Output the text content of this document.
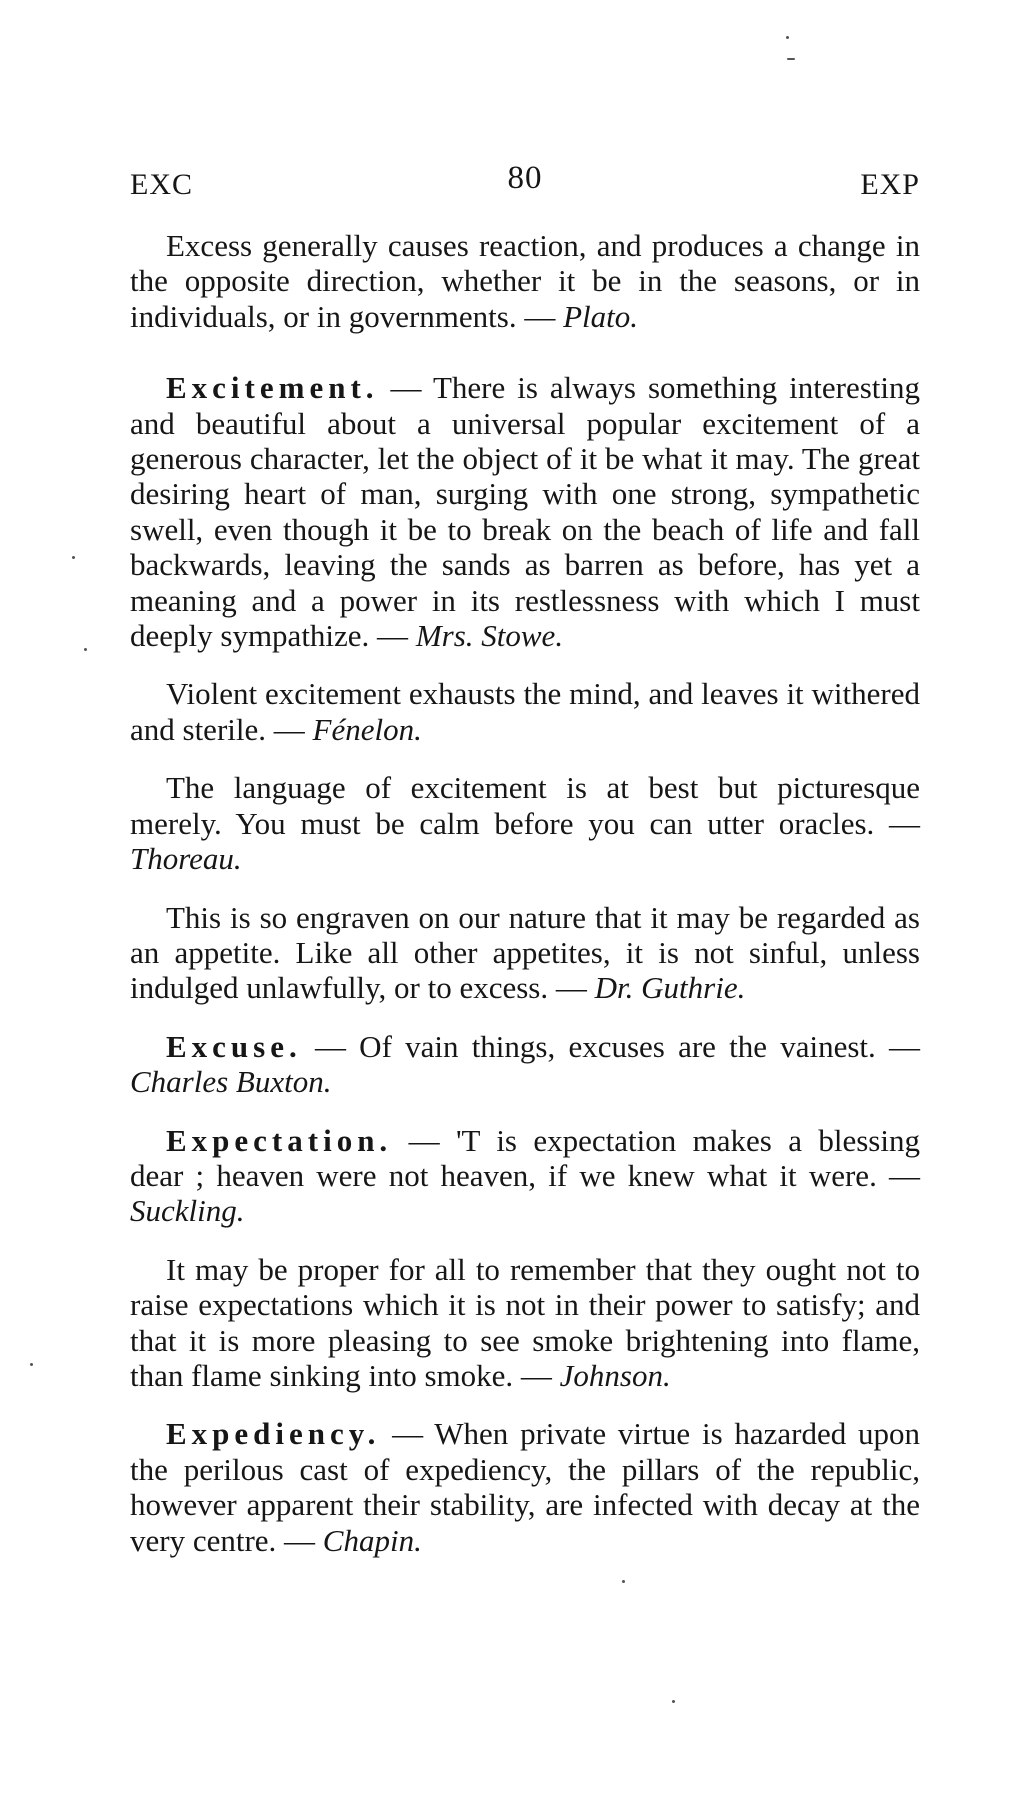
EXC	80	EXP

Excess generally causes reaction, and produces a change in the opposite direction, whether it be in the seasons, or in individuals, or in governments. — Plato.

Excitement. — There is always something interesting and beautiful about a universal popular excitement of a generous character, let the object of it be what it may. The great desiring heart of man, surging with one strong, sympathetic swell, even though it be to break on the beach of life and fall backwards, leaving the sands as barren as before, has yet a meaning and a power in its restlessness with which I must deeply sympathize. — Mrs. Stowe.

Violent excitement exhausts the mind, and leaves it withered and sterile. — Fénelon.

The language of excitement is at best but picturesque merely. You must be calm before you can utter oracles. — Thoreau.

This is so engraven on our nature that it may be regarded as an appetite. Like all other appetites, it is not sinful, unless indulged unlawfully, or to excess. — Dr. Guthrie.

Excuse. — Of vain things, excuses are the vainest. — Charles Buxton.

Expectation. — 'T is expectation makes a blessing dear ; heaven were not heaven, if we knew what it were. — Suckling.

It may be proper for all to remember that they ought not to raise expectations which it is not in their power to satisfy; and that it is more pleasing to see smoke brightening into flame, than flame sinking into smoke. — Johnson.

Expediency. — When private virtue is hazarded upon the perilous cast of expediency, the pillars of the republic, however apparent their stability, are infected with decay at the very centre. — Chapin.
